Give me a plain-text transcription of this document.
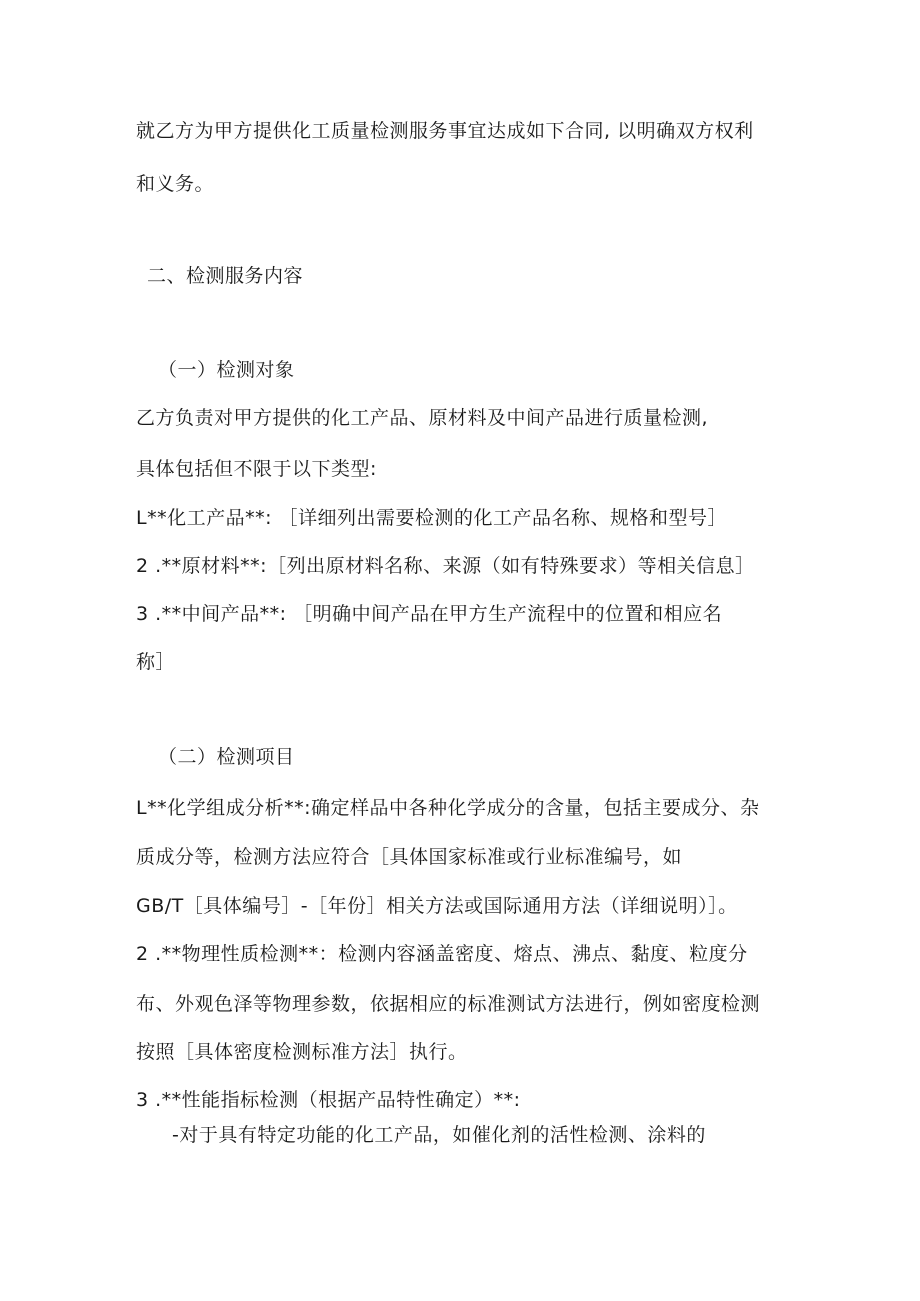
就乙方为甲方提供化工质量检测服务事宜达成如下合同, 以明确双方权利
和义务。
二、检测服务内容
（一）检测对象
乙方负责对甲方提供的化工产品、原材料及中间产品进行质量检测,
具体包括但不限于以下类型:
L**化工产品**: ［详细列出需要检测的化工产品名称、规格和型号］
2 .**原材料**:［列出原材料名称、来源（如有特殊要求）等相关信息］
3 .**中间产品**: ［明确中间产品在甲方生产流程中的位置和相应名
称］
（二）检测项目
L**化学组成分析**:确定样品中各种化学成分的含量，包括主要成分、杂
质成分等，检测方法应符合［具体国家标准或行业标准编号，如
GB/T［具体编号］-［年份］相关方法或国际通用方法（详细说明）］。
2 .**物理性质检测**：检测内容涵盖密度、熔点、沸点、黏度、粒度分
布、外观色泽等物理参数，依据相应的标准测试方法进行，例如密度检测
按照［具体密度检测标准方法］执行。
3 .**性能指标检测（根据产品特性确定）**:
-对于具有特定功能的化工产品，如催化剂的活性检测、涂料的
